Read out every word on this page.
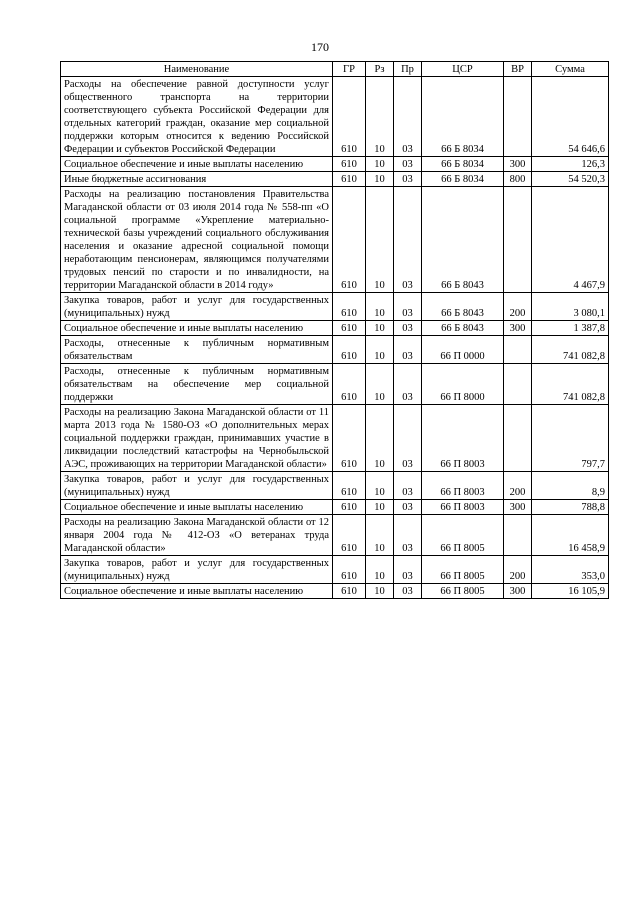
170
Наименование	ГР	Рз	Пр	ЦСР	ВР	Сумма
Расходы на обеспечение равной доступности услуг общественного транспорта на территории соответствующего субъекта Российской Федерации для отдельных категорий граждан, оказание мер социальной поддержки которым относится к ведению Российской Федерации и субъектов Российской Федерации	610	10	03	66 Б 8034		54 646,6
Социальное обеспечение и иные выплаты населению	610	10	03	66 Б 8034	300	126,3
Иные бюджетные ассигнования	610	10	03	66 Б 8034	800	54 520,3
Расходы на реализацию постановления Правительства Магаданской области от 03 июля 2014 года № 558-пп «О социальной программе «Укрепление материально-технической базы учреждений социального обслуживания населения и оказание адресной социальной помощи неработающим пенсионерам, являющимся получателями трудовых пенсий по старости и по инвалидности, на территории Магаданской области в 2014 году»	610	10	03	66 Б 8043		4 467,9
Закупка товаров, работ и услуг для государственных (муниципальных) нужд	610	10	03	66 Б 8043	200	3 080,1
Социальное обеспечение и иные выплаты населению	610	10	03	66 Б 8043	300	1 387,8
Расходы, отнесенные к публичным нормативным обязательствам	610	10	03	66 П 0000		741 082,8
Расходы, отнесенные к публичным нормативным обязательствам на обеспечение мер социальной поддержки	610	10	03	66 П 8000		741 082,8
Расходы на реализацию Закона Магаданской области от 11 марта 2013 года № 1580-ОЗ «О дополнительных мерах социальной поддержки граждан, принимавших участие в ликвидации последствий катастрофы на Чернобыльской АЭС, проживающих на территории Магаданской области»	610	10	03	66 П 8003		797,7
Закупка товаров, работ и услуг для государственных (муниципальных) нужд	610	10	03	66 П 8003	200	8,9
Социальное обеспечение и иные выплаты населению	610	10	03	66 П 8003	300	788,8
Расходы на реализацию Закона Магаданской области от 12 января 2004 года № 412-ОЗ «О ветеранах труда Магаданской области»	610	10	03	66 П 8005		16 458,9
Закупка товаров, работ и услуг для государственных (муниципальных) нужд	610	10	03	66 П 8005	200	353,0
Социальное обеспечение и иные выплаты населению	610	10	03	66 П 8005	300	16 105,9
